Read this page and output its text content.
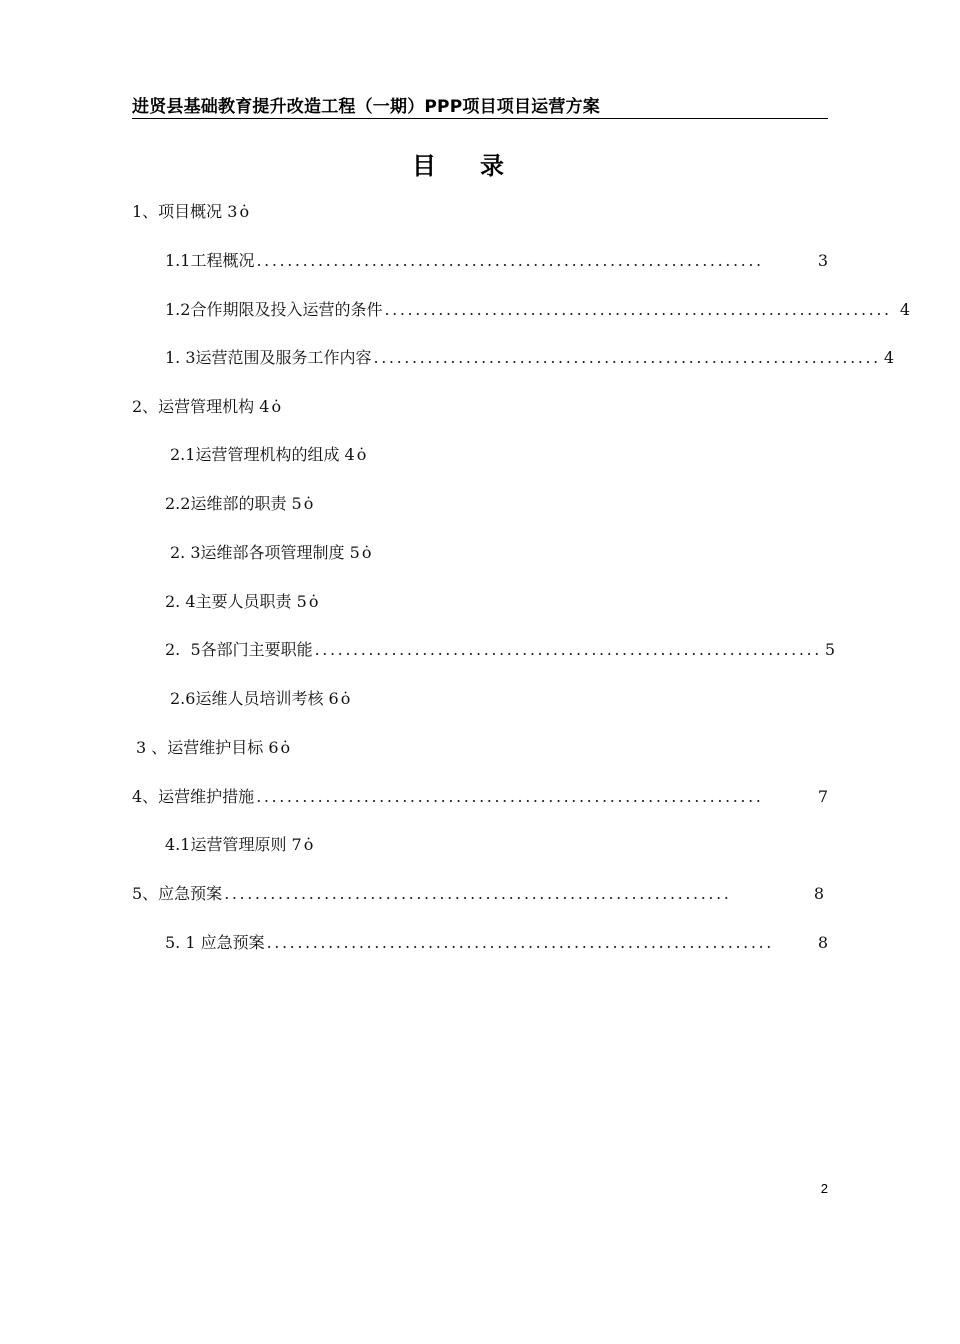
进贤县基础教育提升改造工程（一期）PPP项目项目运营方案
目录
1、项目概况 3 ȯ
1.1工程概况 ..................................................................	3
1.2合作期限及投入运营的条件 .................................................................. 4
1. 3运营范围及服务工作内容 .................................................................. 4
2、运营管理机构 4 ȯ
2.1运营管理机构的组成 4 ȯ
2.2运维部的职责 5 ȯ
2. 3运维部各项管理制度 5 ȯ
2. 4主要人员职责 5 ȯ
2.  5各部门主要职能 .................................................................. 5
2.6运维人员培训考核 6 ȯ
3 、运营维护目标 6 ȯ
4、运营维护措施 ..................................................................	7
4.1运营管理原则 7 ȯ
5、应急预案 ..................................................................	8
5. 1 应急预案 ..................................................................	8
2
